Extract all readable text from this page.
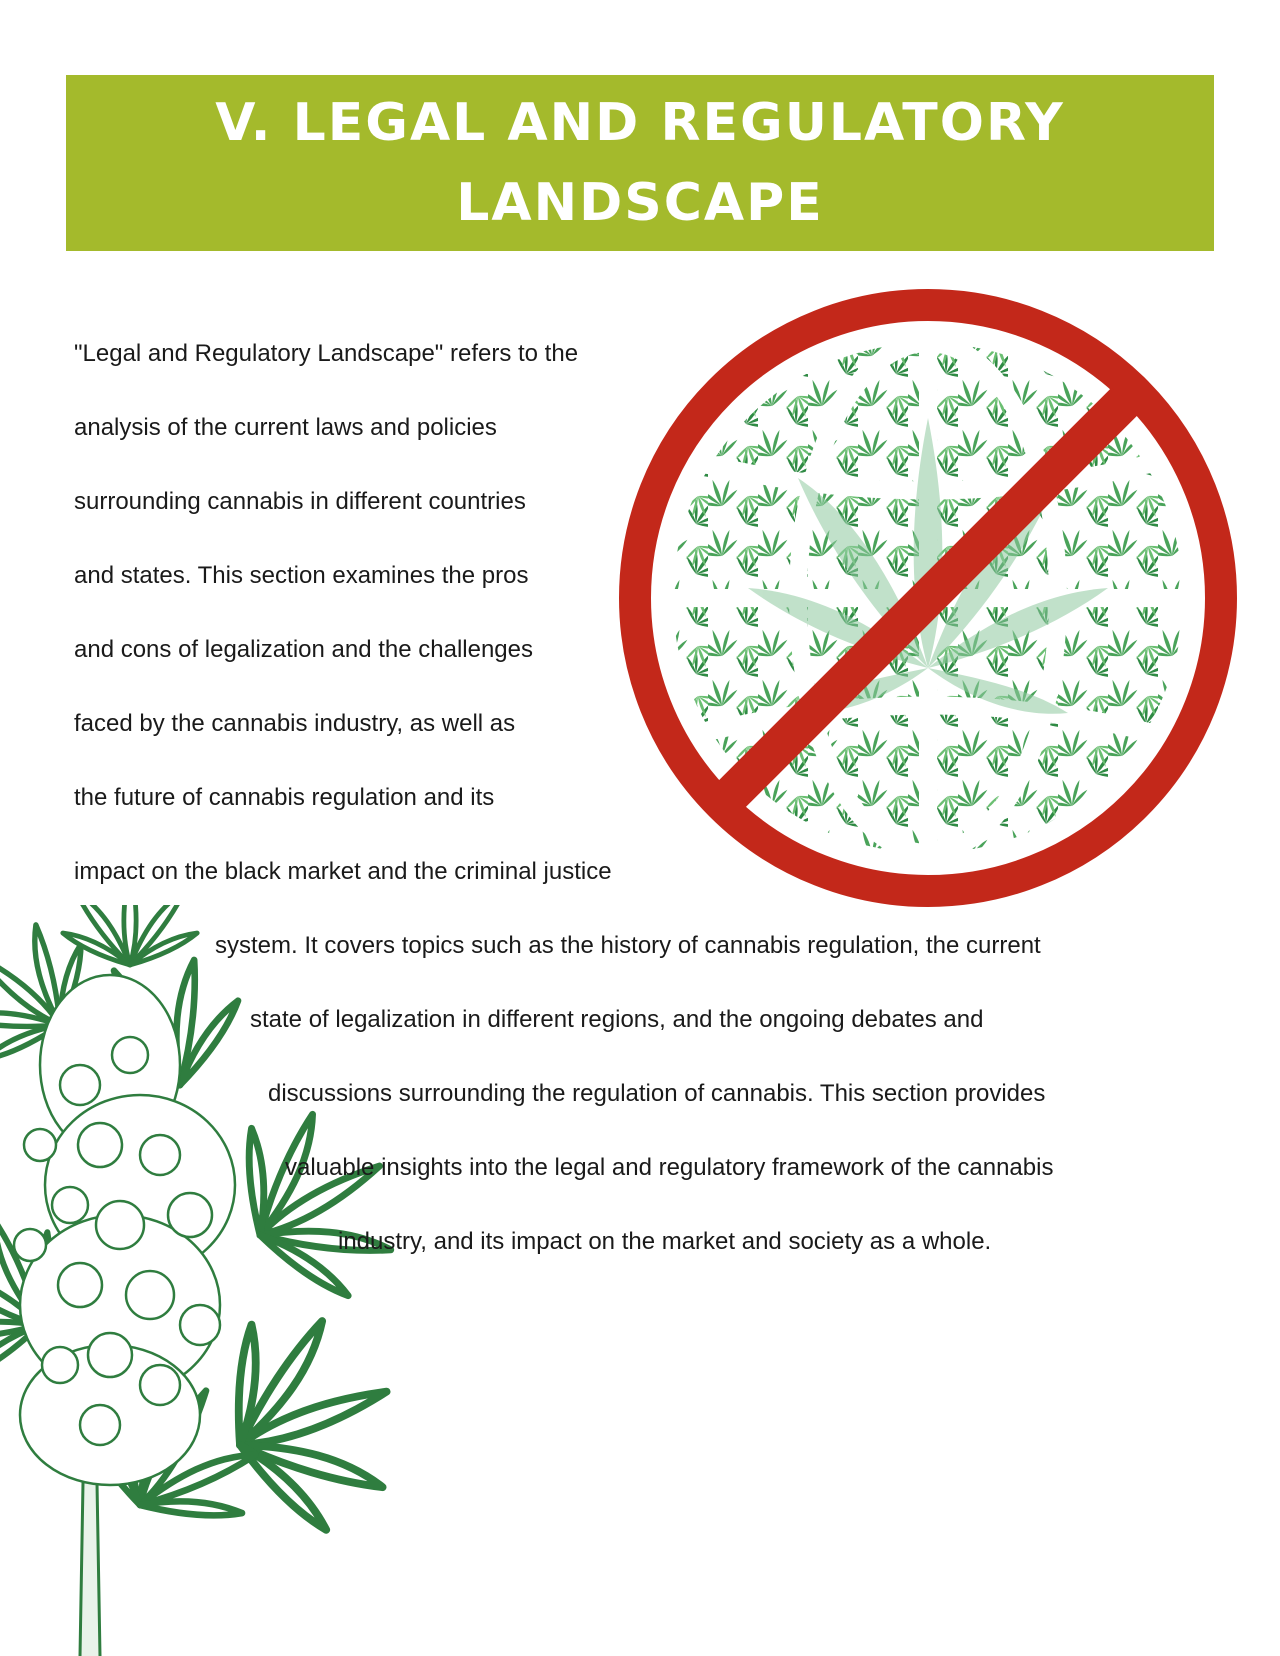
V. LEGAL AND REGULATORY
LANDSCAPE
"Legal and Regulatory Landscape" refers to the
analysis of the current laws and policies
surrounding cannabis in different countries
and states. This section examines the pros
and cons of legalization and the challenges
faced by the cannabis industry, as well as
the future of cannabis regulation and its
impact on the black market and the criminal justice
system. It covers topics such as the history of cannabis regulation, the current
state of legalization in different regions, and the ongoing debates and
discussions surrounding the regulation of cannabis. This section provides
valuable insights into the legal and regulatory framework of the cannabis
industry, and its impact on the market and society as a whole.
